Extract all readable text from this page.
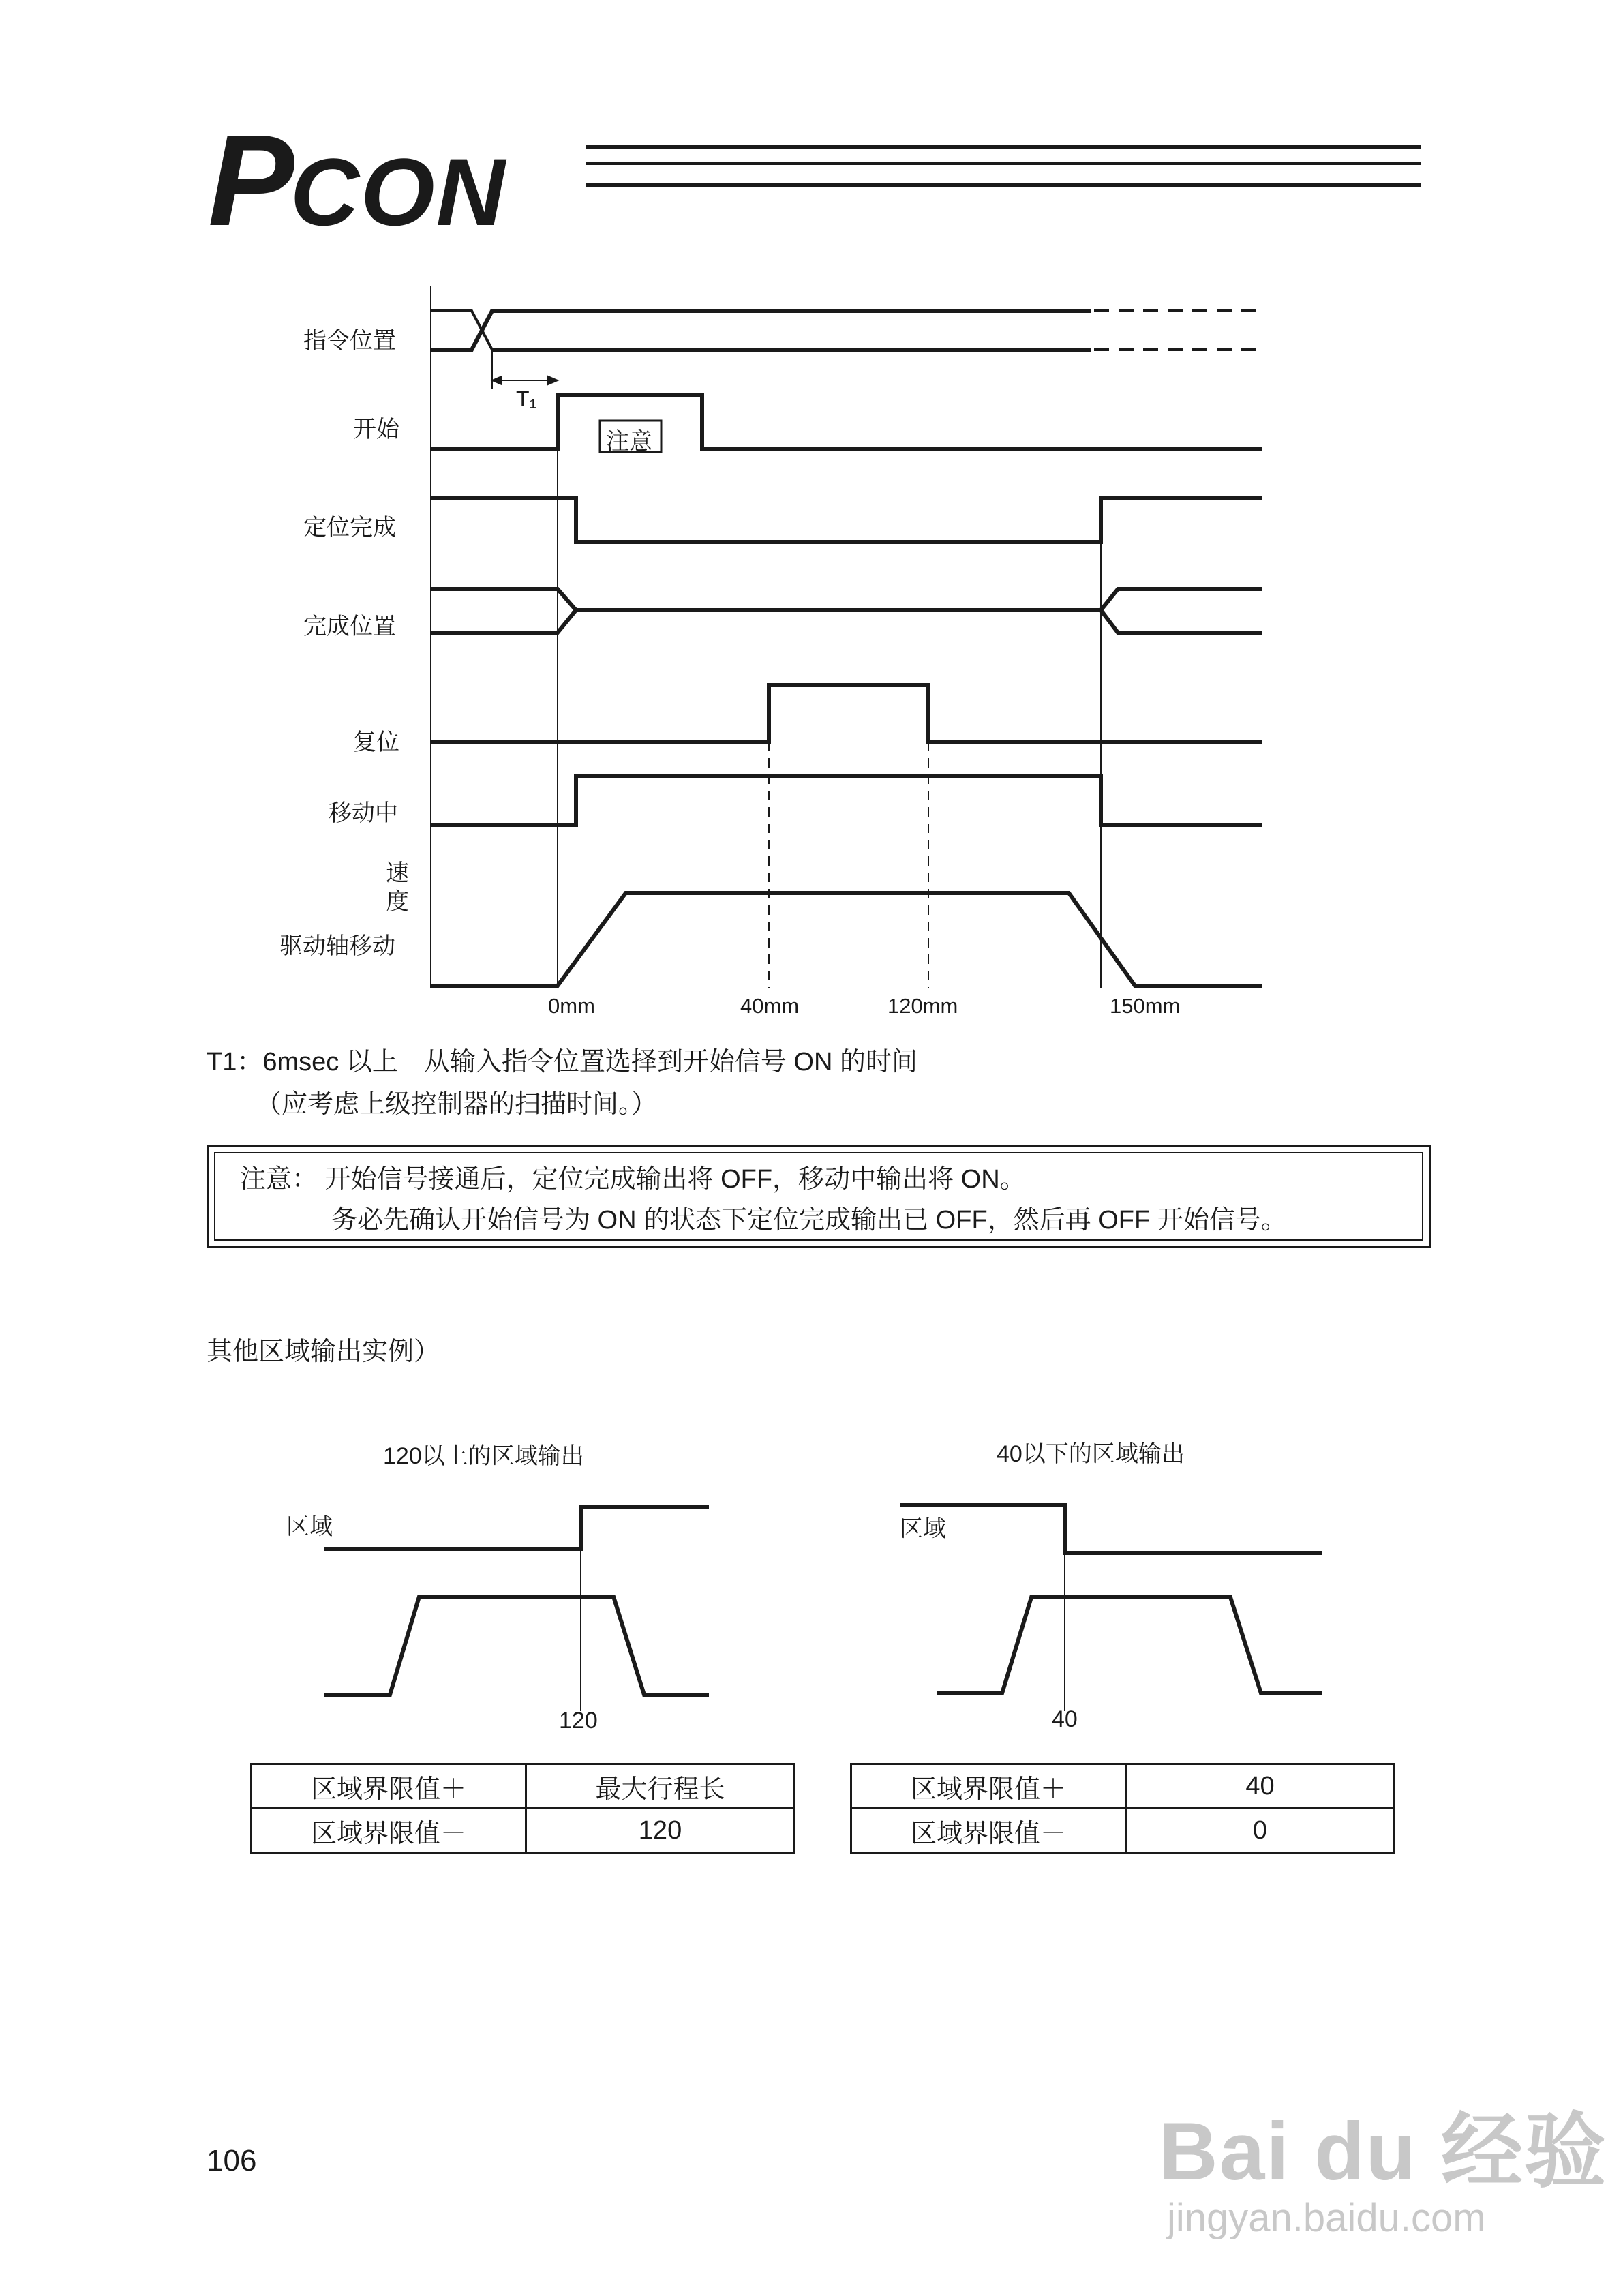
PCON
指令位置
开始
定位完成
完成位置
复位
移动中
速
度
驱动轴移动
T₁
注意
0mm	40mm	120mm	150mm
T1：6msec 以上　从输入指令位置选择到开始信号 ON 的时间
（应考虑上级控制器的扫描时间。）
注意： 开始信号接通后，定位完成输出将 OFF，移动中输出将 ON。
务必先确认开始信号为 ON 的状态下定位完成输出已 OFF，然后再 OFF 开始信号。
其他区域输出实例）
120以上的区域输出	40以下的区域输出
区域	区域
120	40
区域界限值＋	最大行程长
区域界限值－	120
区域界限值＋	40
区域界限值－	0
106	Bai du 经验
jingyan.baidu.com
